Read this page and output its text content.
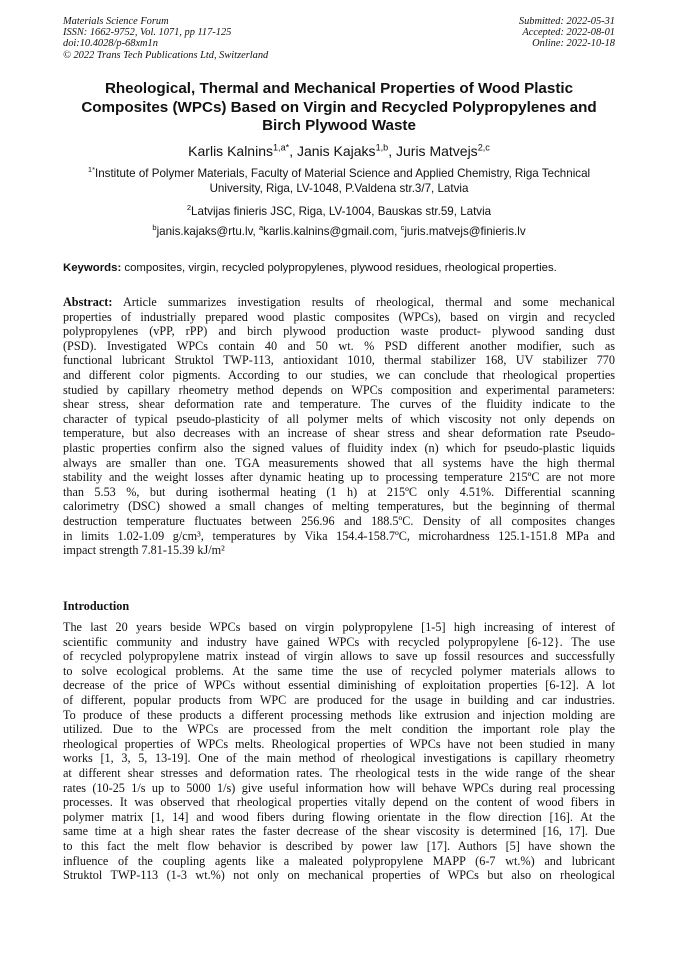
Materials Science Forum
ISSN: 1662-9752, Vol. 1071, pp 117-125
doi:10.4028/p-68xm1n
© 2022 Trans Tech Publications Ltd, Switzerland
Submitted: 2022-05-31
Accepted: 2022-08-01
Online: 2022-10-18
Rheological, Thermal and Mechanical Properties of Wood Plastic
Composites (WPCs) Based on Virgin and Recycled Polypropylenes and
Birch Plywood Waste
Karlis Kalnins$^{1,a*}$, Janis Kajaks$^{1,b}$, Juris Matvejs$^{2,c}$
$^{1*}$Institute of Polymer Materials, Faculty of Material Science and Applied Chemistry, Riga Technical
University, Riga, LV-1048, P.Valdena str.3/7, Latvia
$^2$Latvijas finieris JSC, Riga, LV-1004, Bauskas str.59, Latvia
$^b$janis.kajaks@rtu.lv, $^a$karlis.kalnins@gmail.com, $^c$juris.matvejs@finieris.lv
Keywords: composites, virgin, recycled polypropylenes, plywood residues, rheological properties.
Abstract: Article summarizes investigation results of rheological, thermal and some mechanical
properties of industrially prepared wood plastic composites (WPCs), based on virgin and recycled
polypropylenes (vPP, rPP) and birch plywood production waste product- plywood sanding dust
(PSD). Investigated WPCs contain 40 and 50 wt. % PSD different another modifier, such as
functional lubricant Struktol TWP-113, antioxidant 1010, thermal stabilizer 168, UV stabilizer 770
and different color pigments. According to our studies, we can conclude that rheological properties
studied by capillary rheometry method depends on WPCs composition and experimental parameters:
shear stress, shear deformation rate and temperature. The curves of the fluidity indicate to the
character of typical pseudo-plasticity of all polymer melts of which viscosity not only depends on
temperature, but also decreases with an increase of shear stress and shear deformation rate Pseudo-
plastic properties confirm also the signed values of fluidity index (n) which for pseudo-plastic liquids
always are smaller than one. TGA measurements showed that all systems have the high thermal
stability and the weight losses after dynamic heating up to processing temperature 215ºC are not more
than 5.53 %, but during isothermal heating (1 h) at 215ºC only 4.51%. Differential scanning
calorimetry (DSC) showed a small changes of melting temperatures, but the beginning of thermal
destruction temperature fluctuates between 256.96 and 188.5ºC. Density of all composites changes
in limits 1.02-1.09 g/cm³, temperatures by Vika 154.4-158.7ºC, microhardness 125.1-151.8 MPa and
impact strength 7.81-15.39 kJ/m²
Introduction
The last 20 years beside WPCs based on virgin polypropylene [1-5] high increasing of interest of
scientific community and industry have gained WPCs with recycled polypropylene [6-12}. The use
of recycled polypropylene matrix instead of virgin allows to save up fossil resources and successfully
to solve ecological problems. At the same time the use of recycled polymer materials allows to
decrease of the price of WPCs without essential diminishing of exploitation properties [6-12]. A lot
of different, popular products from WPC are produced for the usage in building and car industries.
To produce of these products a different processing methods like extrusion and injection molding are
utilized. Due to the WPCs are processed from the melt condition the important role play the
rheological properties of WPCs melts. Rheological properties of WPCs have not been studied in many
works [1, 3, 5, 13-19]. One of the main method of rheological investigations is capillary rheometry
at different shear stresses and deformation rates. The rheological tests in the wide range of the shear
rates (10-25 1/s up to 5000 1/s) give useful information how will behave WPCs during real processing
processes. It was observed that rheological properties vitally depend on the content of wood fibers in
polymer matrix [1, 14] and wood fibers during flowing orientate in the flow direction [16]. At the
same time at a high shear rates the faster decrease of the shear viscosity is determined [16, 17]. Due
to this fact the melt flow behavior is described by power law [17]. Authors [5] have shown the
influence of the coupling agents like a maleated polypropylene MAPP (6-7 wt.%) and lubricant
Struktol TWP-113 (1-3 wt.%) not only on mechanical properties of WPCs but also on rheological
